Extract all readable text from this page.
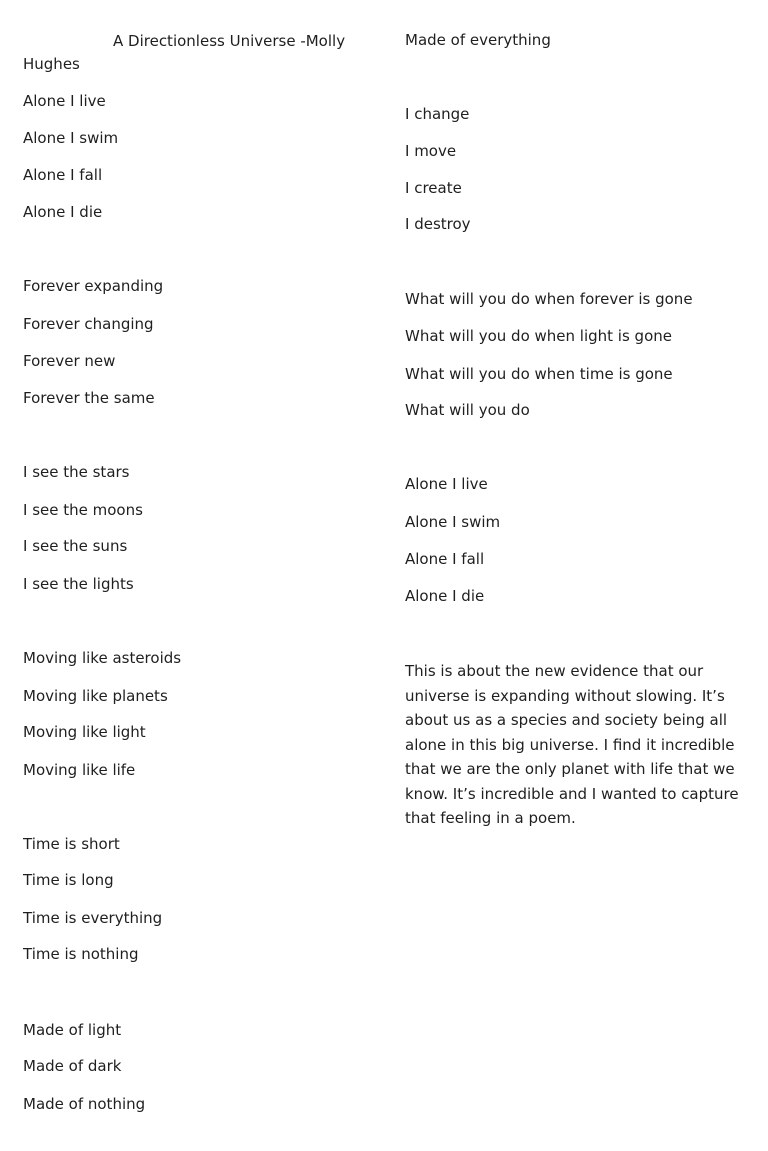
A Directionless Universe -Molly Hughes
Alone I live
Alone I swim
Alone I fall
Alone I die
Forever expanding
Forever changing
Forever new
Forever the same
I see the stars
I see the moons
I see the suns
I see the lights
Moving like asteroids
Moving like planets
Moving like light
Moving like life
Time is short
Time is long
Time is everything
Time is nothing
Made of light
Made of dark
Made of nothing
Made of everything
I change
I move
I create
I destroy
What will you do when forever is gone
What will you do when light is gone
What will you do when time is gone
What will you do
Alone I live
Alone I swim
Alone I fall
Alone I die
This is about the new evidence that our universe is expanding without slowing. It’s about us as a species and society being all alone in this big universe. I find it incredible that we are the only planet with life that we know. It’s incredible and I wanted to capture that feeling in a poem.
